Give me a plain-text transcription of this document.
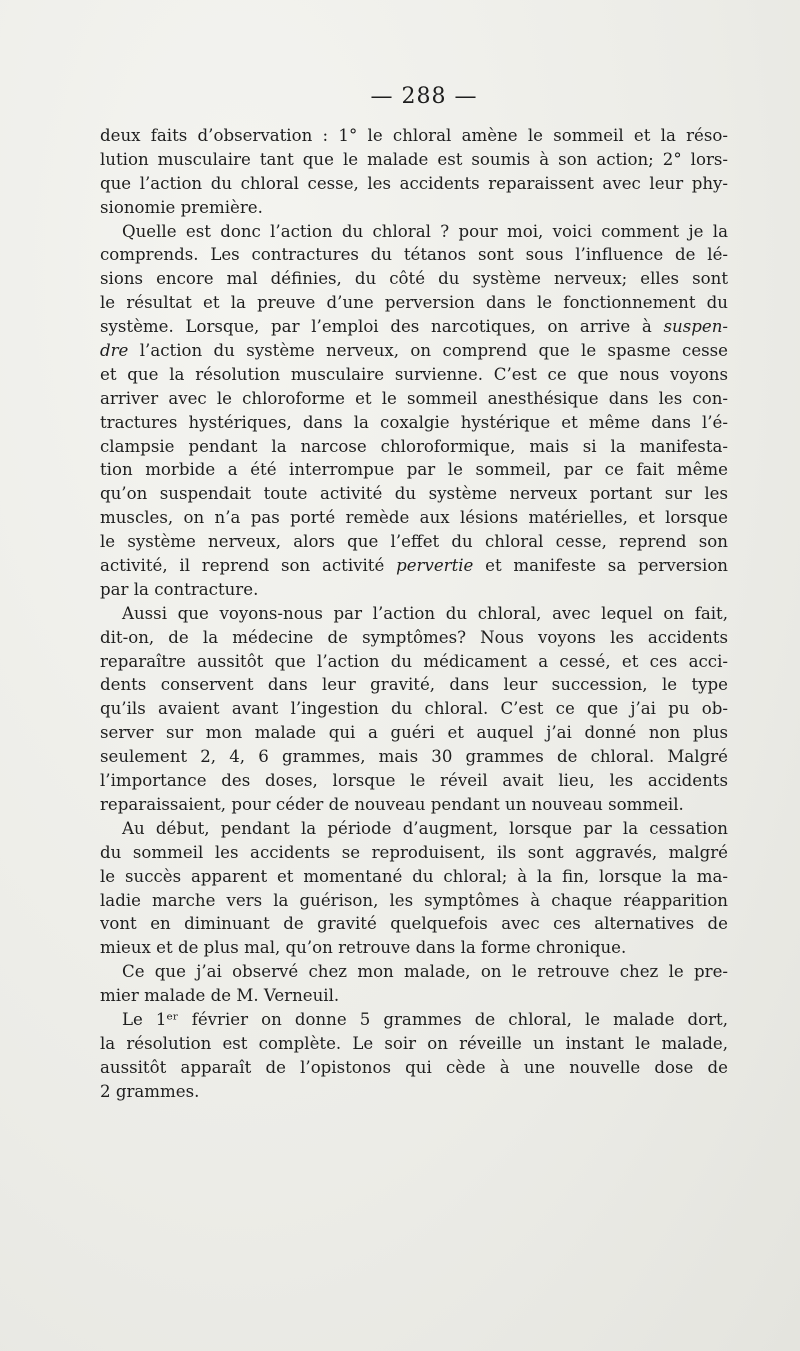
— 288 —
deux faits d’observation : 1° le chloral amène le sommeil et la réso-
lution musculaire tant que le malade est soumis à son action; 2° lors-
que l’action du chloral cesse, les accidents reparaissent avec leur phy-
sionomie première.
Quelle est donc l’action du chloral ? pour moi, voici comment je la
comprends. Les contractures du tétanos sont sous l’influence de lé-
sions encore mal définies, du côté du système nerveux; elles sont
le résultat et la preuve d’une perversion dans le fonctionnement du
système. Lorsque, par l’emploi des narcotiques, on arrive à suspen-
dre l’action du système nerveux, on comprend que le spasme cesse
et que la résolution musculaire survienne. C’est ce que nous voyons
arriver avec le chloroforme et le sommeil anesthésique dans les con-
tractures hystériques, dans la coxalgie hystérique et même dans l’é-
clampsie pendant la narcose chloroformique, mais si la manifesta-
tion morbide a été interrompue par le sommeil, par ce fait même
qu’on suspendait toute activité du système nerveux portant sur les
muscles, on n’a pas porté remède aux lésions matérielles, et lorsque
le système nerveux, alors que l’effet du chloral cesse, reprend son
activité, il reprend son activité pervertie et manifeste sa perversion
par la contracture.
Aussi que voyons-nous par l’action du chloral, avec lequel on fait,
dit-on, de la médecine de symptômes? Nous voyons les accidents
reparaître aussitôt que l’action du médicament a cessé, et ces acci-
dents conservent dans leur gravité, dans leur succession, le type
qu’ils avaient avant l’ingestion du chloral. C’est ce que j’ai pu ob-
server sur mon malade qui a guéri et auquel j’ai donné non plus
seulement 2, 4, 6 grammes, mais 30 grammes de chloral. Malgré
l’importance des doses, lorsque le réveil avait lieu, les accidents
reparaissaient, pour céder de nouveau pendant un nouveau sommeil.
Au début, pendant la période d’augment, lorsque par la cessation
du sommeil les accidents se reproduisent, ils sont aggravés, malgré
le succès apparent et momentané du chloral; à la fin, lorsque la ma-
ladie marche vers la guérison, les symptômes à chaque réapparition
vont en diminuant de gravité quelquefois avec ces alternatives de
mieux et de plus mal, qu’on retrouve dans la forme chronique.
Ce que j’ai observé chez mon malade, on le retrouve chez le pre-
mier malade de M. Verneuil.
Le 1ᵉʳ février on donne 5 grammes de chloral, le malade dort,
la résolution est complète. Le soir on réveille un instant le malade,
aussitôt apparaît de l’opistonos qui cède à une nouvelle dose de
2 grammes.
